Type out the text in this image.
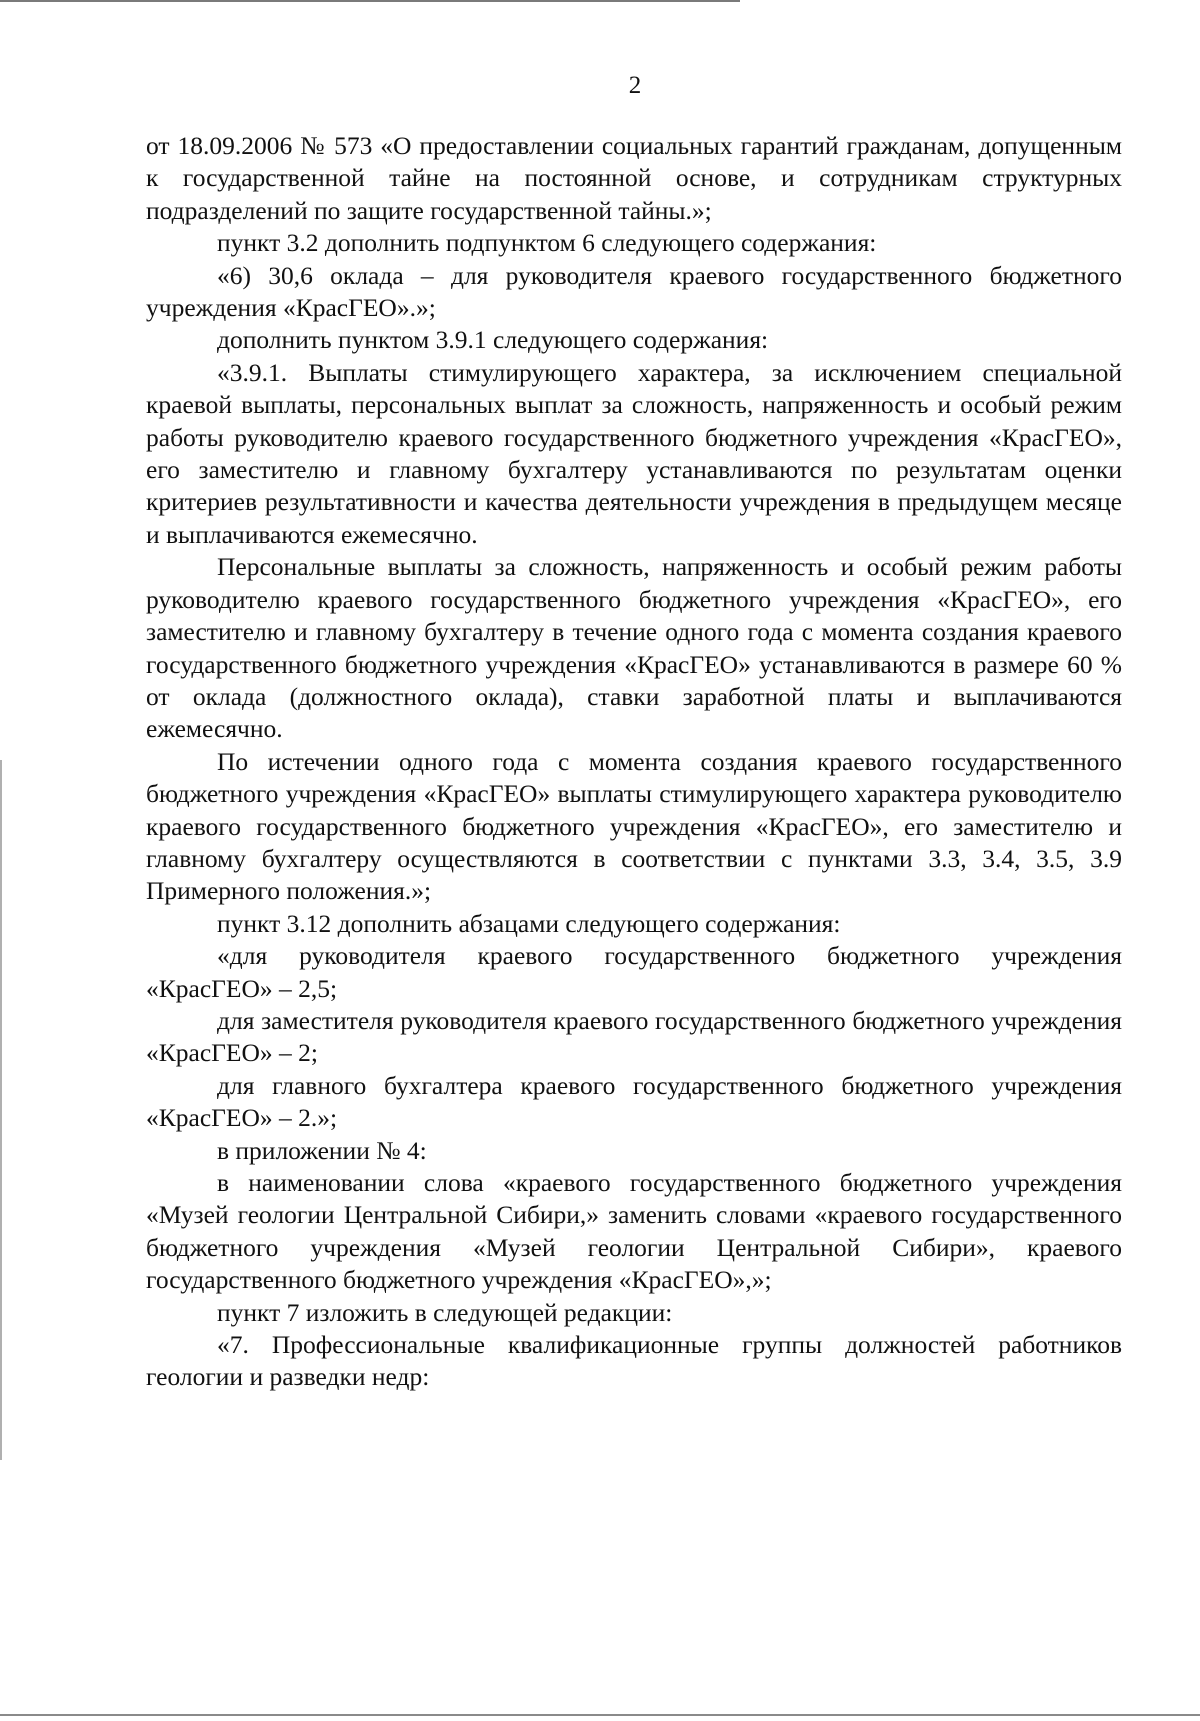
2

от 18.09.2006 № 573 «О предоставлении социальных гарантий гражданам, допущенным к государственной тайне на постоянной основе, и сотрудникам структурных подразделений по защите государственной тайны.»;

пункт 3.2 дополнить подпунктом 6 следующего содержания:

«6) 30,6 оклада – для руководителя краевого государственного бюджетного учреждения «КрасГЕО».»;

дополнить пунктом 3.9.1 следующего содержания:

«3.9.1. Выплаты стимулирующего характера, за исключением специальной краевой выплаты, персональных выплат за сложность, напряженность и особый режим работы руководителю краевого государственного бюджетного учреждения «КрасГЕО», его заместителю и главному бухгалтеру устанавливаются по результатам оценки критериев результативности и качества деятельности учреждения в предыдущем месяце и выплачиваются ежемесячно.

Персональные выплаты за сложность, напряженность и особый режим работы руководителю краевого государственного бюджетного учреждения «КрасГЕО», его заместителю и главному бухгалтеру в течение одного года с момента создания краевого государственного бюджетного учреждения «КрасГЕО» устанавливаются в размере 60 % от оклада (должностного оклада), ставки заработной платы и выплачиваются ежемесячно.

По истечении одного года с момента создания краевого государственного бюджетного учреждения «КрасГЕО» выплаты стимулирующего характера руководителю краевого государственного бюджетного учреждения «КрасГЕО», его заместителю и главному бухгалтеру осуществляются в соответствии с пунктами 3.3, 3.4, 3.5, 3.9 Примерного положения.»;

пункт 3.12 дополнить абзацами следующего содержания:

«для руководителя краевого государственного бюджетного учреждения «КрасГЕО» – 2,5;

для заместителя руководителя краевого государственного бюджетного учреждения «КрасГЕО» – 2;

для главного бухгалтера краевого государственного бюджетного учреждения «КрасГЕО» – 2.»;

в приложении № 4:

в наименовании слова «краевого государственного бюджетного учреждения «Музей геологии Центральной Сибири,» заменить словами «краевого государственного бюджетного учреждения «Музей геологии Центральной Сибири», краевого государственного бюджетного учреждения «КрасГЕО»,»;

пункт 7 изложить в следующей редакции:

«7. Профессиональные квалификационные группы должностей работников геологии и разведки недр:
